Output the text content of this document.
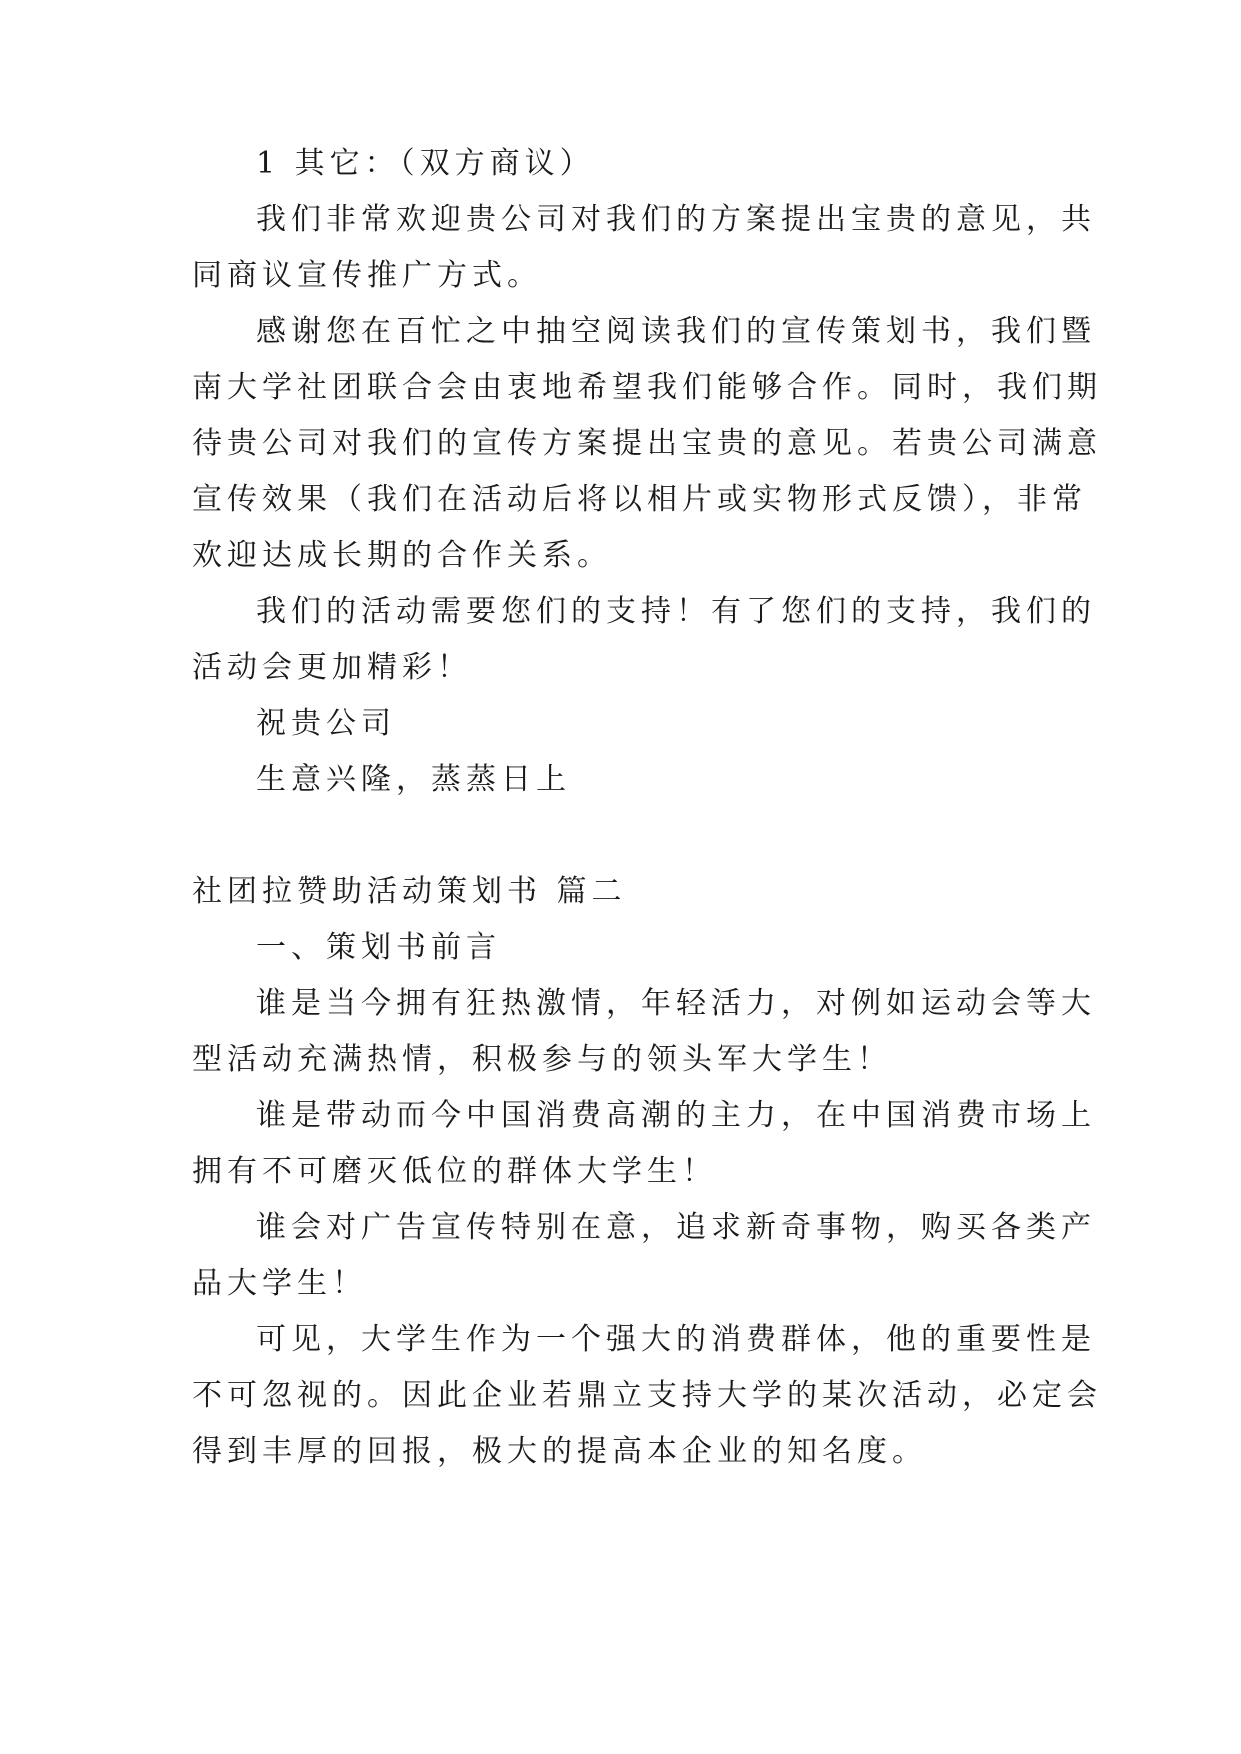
1 其它：（双方商议）
我们非常欢迎贵公司对我们的方案提出宝贵的意见，共
同商议宣传推广方式。
感谢您在百忙之中抽空阅读我们的宣传策划书，我们暨
南大学社团联合会由衷地希望我们能够合作。同时，我们期
待贵公司对我们的宣传方案提出宝贵的意见。若贵公司满意
宣传效果（我们在活动后将以相片或实物形式反馈），非常
欢迎达成长期的合作关系。
我们的活动需要您们的支持！有了您们的支持，我们的
活动会更加精彩！
祝贵公司
生意兴隆，蒸蒸日上
社团拉赞助活动策划书 篇二
一、策划书前言
谁是当今拥有狂热激情，年轻活力，对例如运动会等大
型活动充满热情，积极参与的领头军大学生！
谁是带动而今中国消费高潮的主力，在中国消费市场上
拥有不可磨灭低位的群体大学生！
谁会对广告宣传特别在意，追求新奇事物，购买各类产
品大学生！
可见，大学生作为一个强大的消费群体，他的重要性是
不可忽视的。因此企业若鼎立支持大学的某次活动，必定会
得到丰厚的回报，极大的提高本企业的知名度。
